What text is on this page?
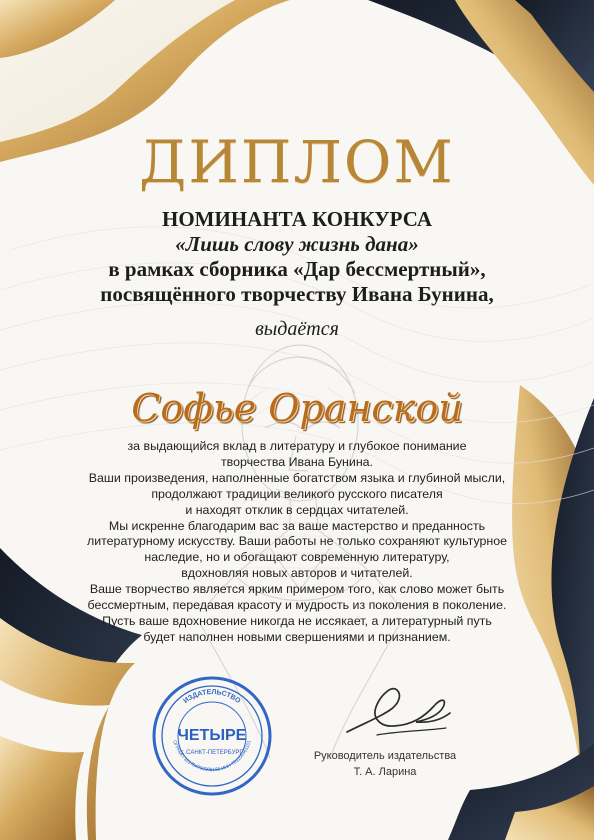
ДИПЛОМ
НОМИНАНТА КОНКУРСА
«Лишь слову жизнь дана»
в рамках сборника «Дар бессмертный»,
посвящённого творчеству Ивана Бунина,
выдаётся
Софье Оранской
за выдающийся вклад в литературу и глубокое понимание
творчества Ивана Бунина.
Ваши произведения, наполненные богатством языка и глубиной мысли,
продолжают традиции великого русского писателя
и находят отклик в сердцах читателей.
Мы искренне благодарим вас за ваше мастерство и преданность
литературному искусству. Ваши работы не только сохраняют культурное
наследие, но и обогащают современную литературу,
вдохновляя новых авторов и читателей.
Ваше творчество является ярким примером того, как слово может быть
бессмертным, передавая красоту и мудрость из поколения в поколение.
Пусть ваше вдохновение никогда не иссякает, а литературный путь
будет наполнен новыми свершениями и признанием.
ИЗДАТЕЛЬСТВО
ЧЕТЫРЕ
г. САНКТ-ПЕТЕРБУРГ
ОГРНИП 321784700005168 ИНН 781104461101
Руководитель издательства
Т. А. Ларина
